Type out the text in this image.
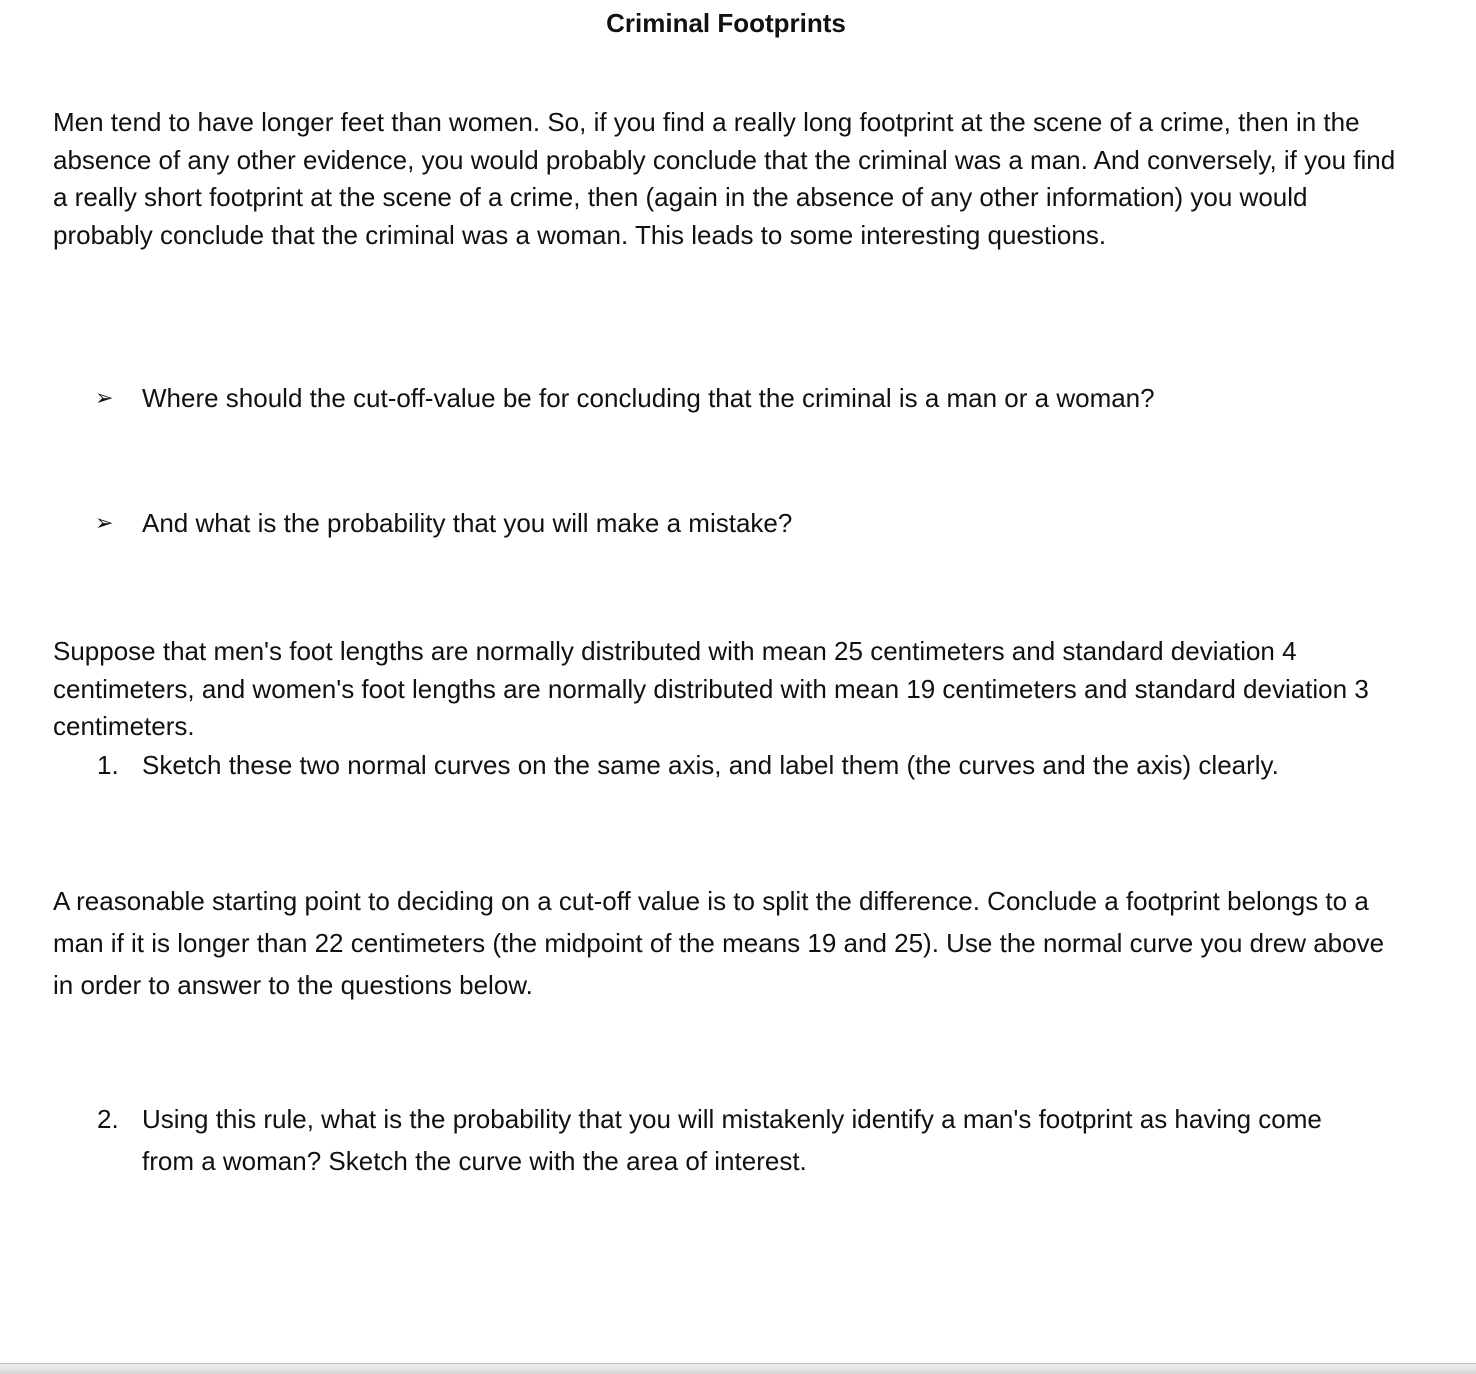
Criminal Footprints

Men tend to have longer feet than women. So, if you find a really long footprint at the scene of a crime, then in the absence of any other evidence, you would probably conclude that the criminal was a man. And conversely, if you find a really short footprint at the scene of a crime, then (again in the absence of any other information) you would probably conclude that the criminal was a woman. This leads to some interesting questions.

➢	Where should the cut-off-value be for concluding that the criminal is a man or a woman?
➢	And what is the probability that you will make a mistake?

Suppose that men's foot lengths are normally distributed with mean 25 centimeters and standard deviation 4 centimeters, and women's foot lengths are normally distributed with mean 19 centimeters and standard deviation 3 centimeters.

1. Sketch these two normal curves on the same axis, and label them (the curves and the axis) clearly.

A reasonable starting point to deciding on a cut-off value is to split the difference. Conclude a footprint belongs to a man if it is longer than 22 centimeters (the midpoint of the means 19 and 25). Use the normal curve you drew above in order to answer to the questions below.

2. Using this rule, what is the probability that you will mistakenly identify a man's footprint as having come from a woman? Sketch the curve with the area of interest.
